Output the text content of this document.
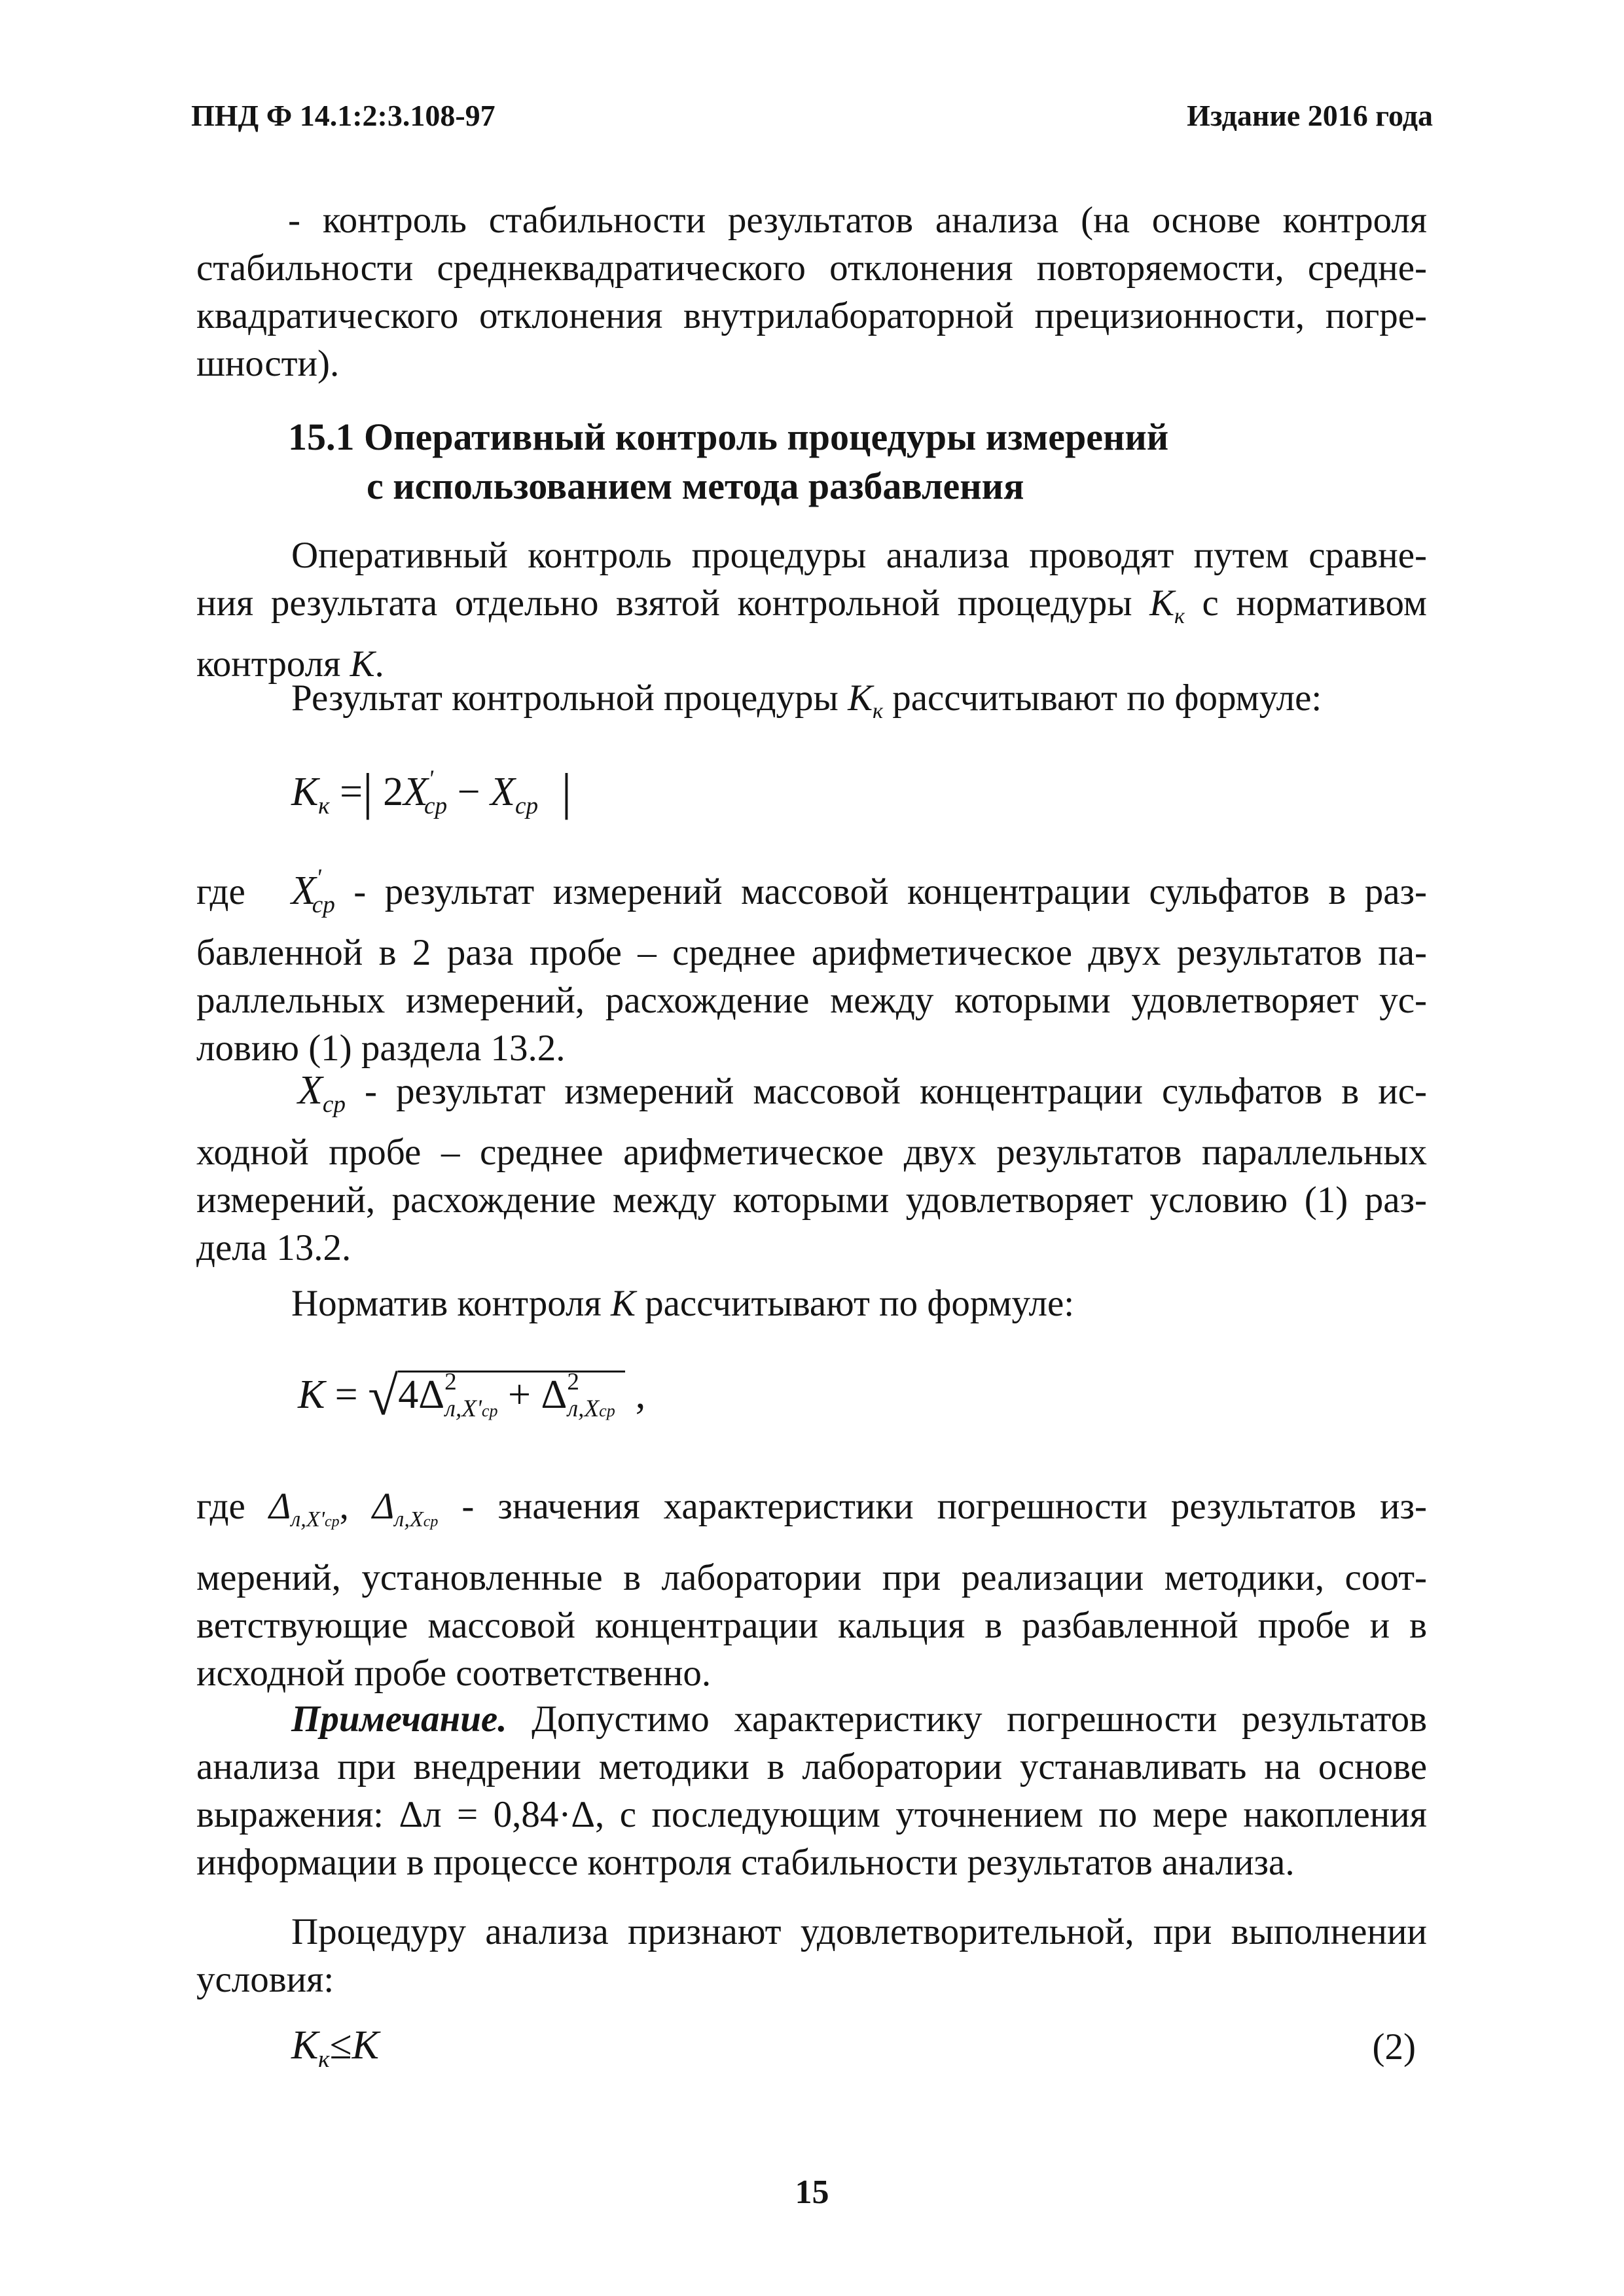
ПНД Ф 14.1:2:3.108-97	Издание 2016 года
- контроль стабильности результатов анализа (на основе контроля
стабильности среднеквадратического отклонения повторяемости, средне-
квадратического отклонения внутрилабораторной прецизионности, погре-
шности).
15.1 Оперативный контроль процедуры измерений
с использованием метода разбавления
Оперативный контроль процедуры анализа проводят путем сравне-
ния результата отдельно взятой контрольной процедуры $К_к$ с нормативом
контроля К.
Результат контрольной процедуры $К_к$ рассчитывают по формуле:
$К_к$ =| $2X'_{ср} - X_{ср}$ |
где $X'_{ср}$ - результат измерений массовой концентрации сульфатов в раз-
бавленной в 2 раза пробе – среднее арифметическое двух результатов па-
раллельных измерений, расхождение между которыми удовлетворяет ус-
ловию (1) раздела 13.2.
$X_{ср}$ - результат измерений массовой концентрации сульфатов в ис-
ходной пробе – среднее арифметическое двух результатов параллельных
измерений, расхождение между которыми удовлетворяет условию (1) раз-
дела 13.2.
Норматив контроля К рассчитывают по формуле:
К = √
$4\Delta^2_{л,X'ср} + \Delta^2_{л,Xср}$ ,
где $\Delta_{л,X'ср}$, $\Delta_{л,Xср}$ - значения характеристики погрешности результатов из-
мерений, установленные в лаборатории при реализации методики, соот-
ветствующие массовой концентрации кальция в разбавленной пробе и в
исходной пробе соответственно.
Примечание. Допустимо характеристику погрешности результатов
анализа при внедрении методики в лаборатории устанавливать на основе
выражения: Δл = 0,84·Δ, с последующим уточнением по мере накопления
информации в процессе контроля стабильности результатов анализа.
Процедуру анализа признают удовлетворительной, при выполнении
условия:
$К_к\le К$	(2)
15
